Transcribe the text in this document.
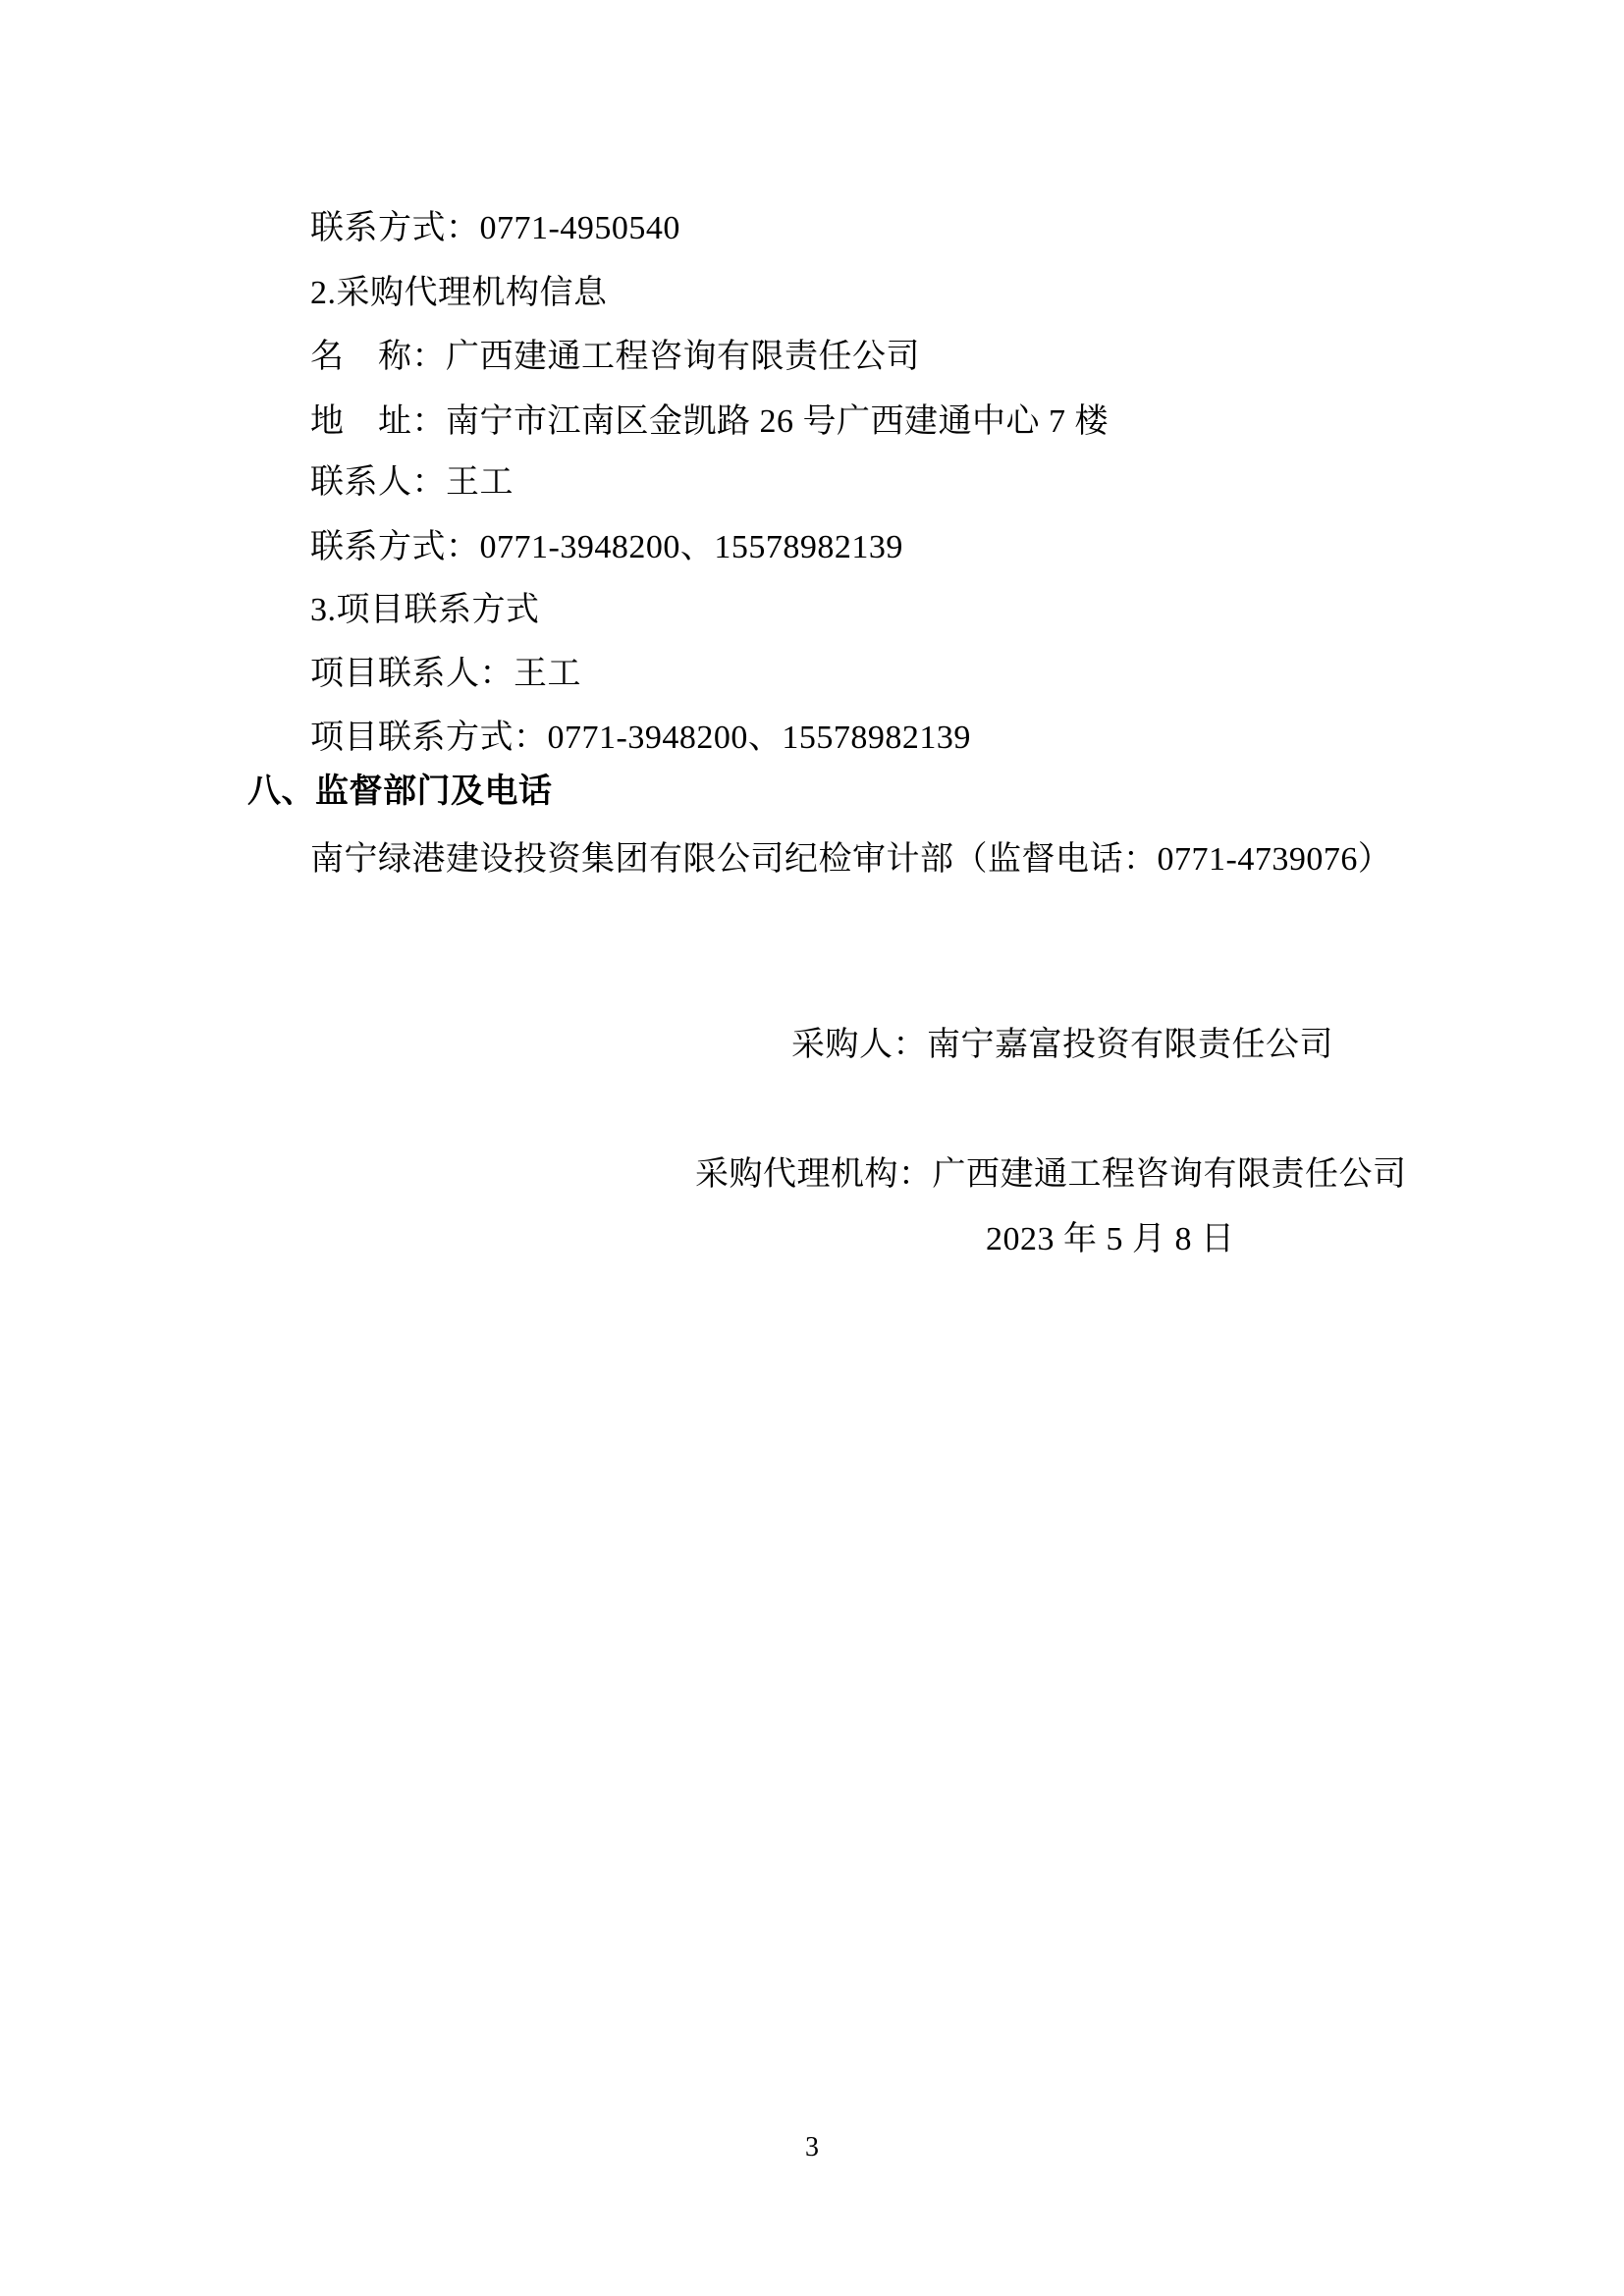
联系方式：0771-4950540
2.采购代理机构信息
名　称：广西建通工程咨询有限责任公司
地　址：南宁市江南区金凯路 26 号广西建通中心 7 楼
联系人：王工
联系方式：0771-3948200、15578982139
3.项目联系方式
项目联系人：王工
项目联系方式：0771-3948200、15578982139
八、监督部门及电话
南宁绿港建设投资集团有限公司纪检审计部（监督电话：0771-4739076）
采购人：南宁嘉富投资有限责任公司
采购代理机构：广西建通工程咨询有限责任公司
2023 年 5 月 8 日
3
